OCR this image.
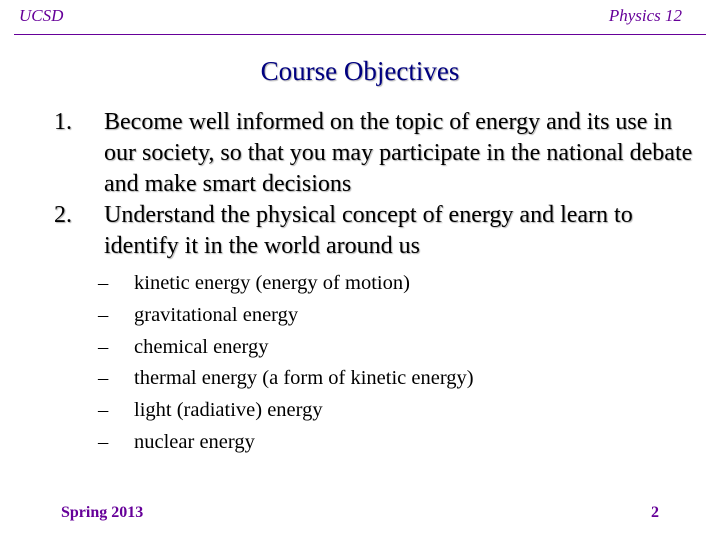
UCSD	Physics 12
Course Objectives
1.	Become well informed on the topic of energy and its use in our society, so that you may participate in the national debate and make smart decisions
2.	Understand the physical concept of energy and learn to identify it in the world around us
–	kinetic energy (energy of motion)
–	gravitational energy
–	chemical energy
–	thermal energy (a form of kinetic energy)
–	light (radiative) energy
–	nuclear energy
Spring 2013	2
